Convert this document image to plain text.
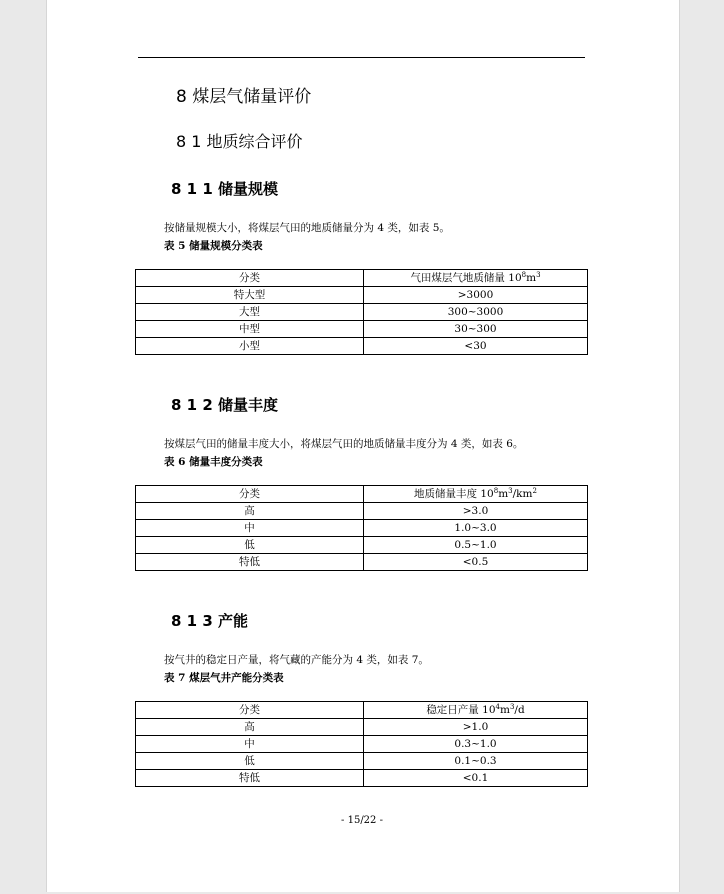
8 煤层气储量评价
8 1 地质综合评价
8 1 1 储量规模
按储量规模大小，将煤层气田的地质储量分为 4 类，如表 5。
表 5 储量规模分类表
分类	气田煤层气地质储量 $10^8m^3$
特大型	>3000
大型	300~3000
中型	30~300
小型	<30
8 1 2 储量丰度
按煤层气田的储量丰度大小，将煤层气田的地质储量丰度分为 4 类，如表 6。
表 6 储量丰度分类表
分类	地质储量丰度 $10^8m^3/km^2$
高	>3.0
中	1.0~3.0
低	0.5~1.0
特低	<0.5
8 1 3 产能
按气井的稳定日产量，将气藏的产能分为 4 类，如表 7。
表 7 煤层气井产能分类表
分类	稳定日产量 $10^4m^3/d$
高	>1.0
中	0.3~1.0
低	0.1~0.3
特低	<0.1
- 15/22 -
